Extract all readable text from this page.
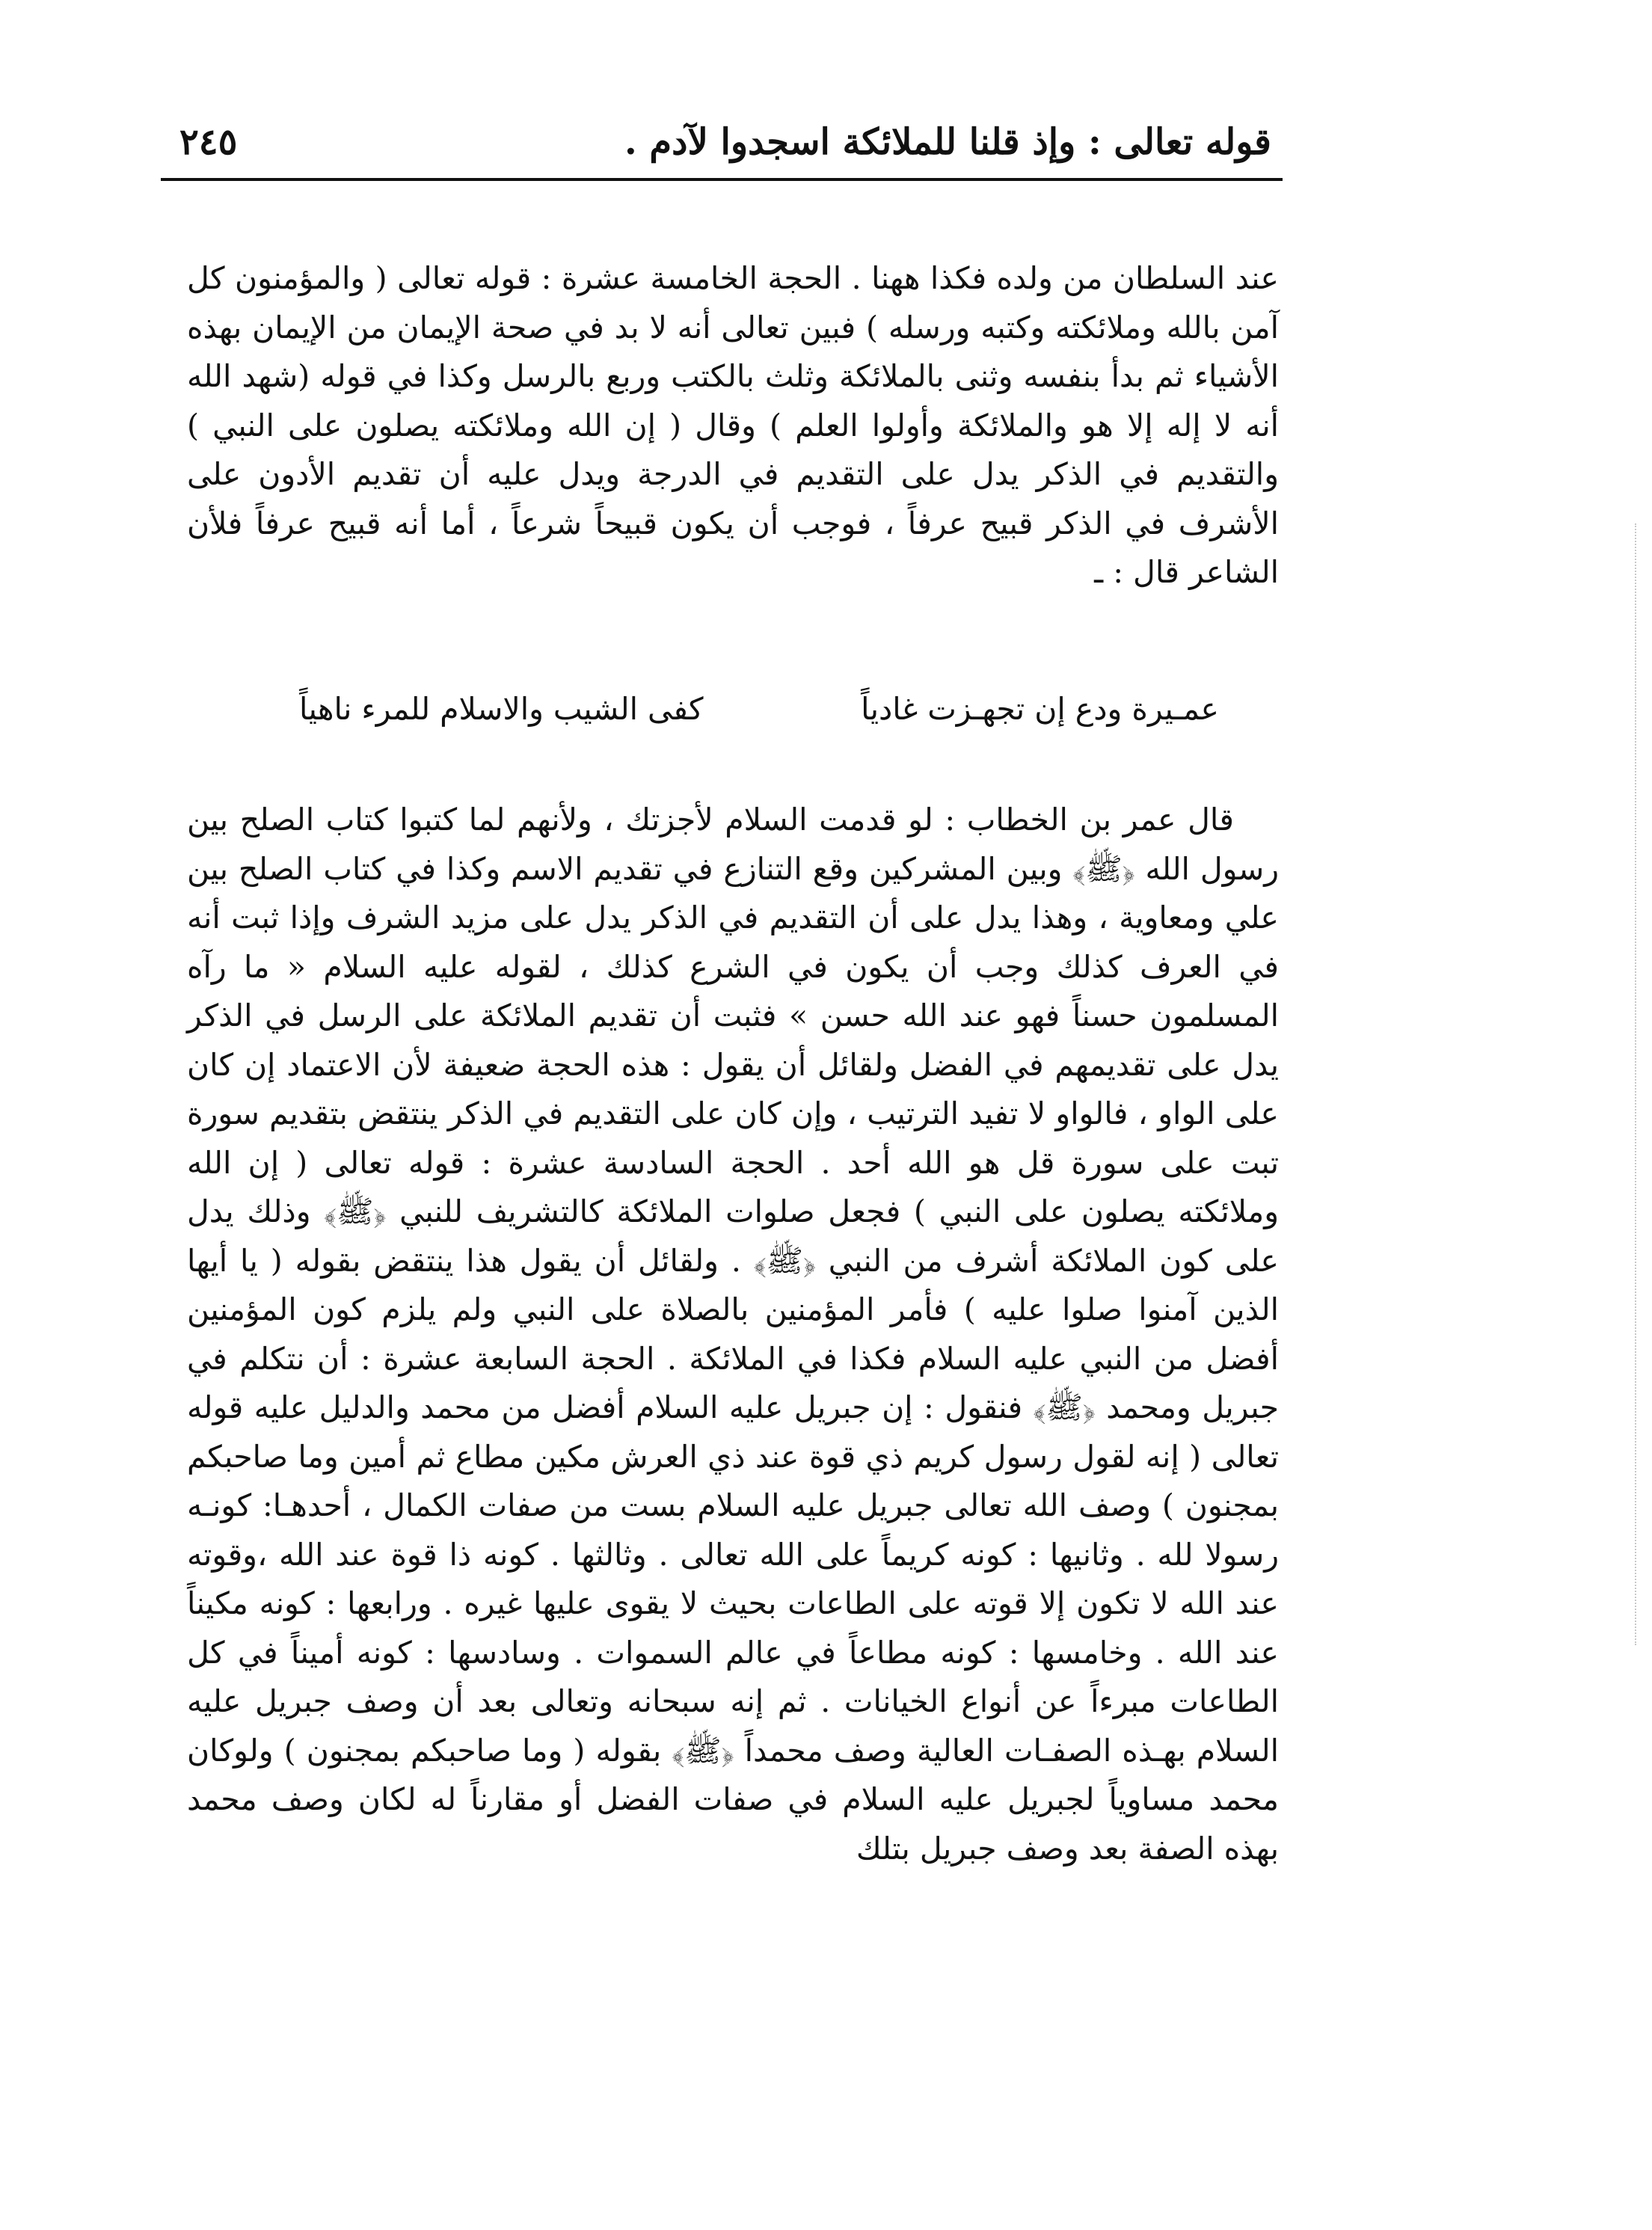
قوله تعالى : وإذ قلنا للملائكة اسجدوا لآدم .
٢٤٥

عند السلطان من ولده فكذا ههنا . الحجة الخامسة عشرة : قوله تعالى ( والمؤمنون كل آمن بالله وملائكته وكتبه ورسله ) فبين تعالى أنه لا بد في صحة الإيمان من الإيمان بهذه الأشياء ثم بدأ بنفسه وثنى بالملائكة وثلث بالكتب وربع بالرسل وكذا في قوله (شهد الله أنه لا إله إلا هو والملائكة وأولوا العلم ) وقال ( إن الله وملائكته يصلون على النبي ) والتقديم في الذكر يدل على التقديم في الدرجة ويدل عليه أن تقديم الأدون على الأشرف في الذكر قبيح عرفاً ، فوجب أن يكون قبيحاً شرعاً ، أما أنه قبيح عرفاً فلأن الشاعر قال : ـ

عمـيرة ودع إن تجهـزت غادياً
كفى الشيب والاسلام للمرء ناهياً

قال عمر بن الخطاب : لو قدمت السلام لأجزتك ، ولأنهم لما كتبوا كتاب الصلح بين رسول الله ﴿ﷺ﴾ وبين المشركين وقع التنازع في تقديم الاسم وكذا في كتاب الصلح بين علي ومعاوية ، وهذا يدل على أن التقديم في الذكر يدل على مزيد الشرف وإذا ثبت أنه في العرف كذلك وجب أن يكون في الشرع كذلك ، لقوله عليه السلام « ما رآه المسلمون حسناً فهو عند الله حسن » فثبت أن تقديم الملائكة على الرسل في الذكر يدل على تقديمهم في الفضل ولقائل أن يقول : هذه الحجة ضعيفة لأن الاعتماد إن كان على الواو ، فالواو لا تفيد الترتيب ، وإن كان على التقديم في الذكر ينتقض بتقديم سورة تبت على سورة قل هو الله أحد . الحجة السادسة عشرة : قوله تعالى ( إن الله وملائكته يصلون على النبي ) فجعل صلوات الملائكة كالتشريف للنبي ﴿ﷺ﴾ وذلك يدل على كون الملائكة أشرف من النبي ﴿ﷺ﴾ . ولقائل أن يقول هذا ينتقض بقوله ( يا أيها الذين آمنوا صلوا عليه ) فأمر المؤمنين بالصلاة على النبي ولم يلزم كون المؤمنين أفضل من النبي عليه السلام فكذا في الملائكة . الحجة السابعة عشرة : أن نتكلم في جبريل ومحمد ﴿ﷺ﴾ فنقول : إن جبريل عليه السلام أفضل من محمد والدليل عليه قوله تعالى ( إنه لقول رسول كريم ذي قوة عند ذي العرش مكين مطاع ثم أمين وما صاحبكم بمجنون ) وصف الله تعالى جبريل عليه السلام بست من صفات الكمال ، أحدهـا: كونـه رسولا لله . وثانيها : كونه كريماً على الله تعالى . وثالثها . كونه ذا قوة عند الله ،وقوته عند الله لا تكون إلا قوته على الطاعات بحيث لا يقوى عليها غيره . ورابعها : كونه مكيناً عند الله . وخامسها : كونه مطاعاً في عالم السموات . وسادسها : كونه أميناً في كل الطاعات مبرءاً عن أنواع الخيانات . ثم إنه سبحانه وتعالى بعد أن وصف جبريل عليه السلام بهـذه الصفـات العالية وصف محمداً ﴿ﷺ﴾ بقوله ( وما صاحبكم بمجنون ) ولوكان محمد مساوياً لجبريل عليه السلام في صفات الفضل أو مقارناً له لكان وصف محمد بهذه الصفة بعد وصف جبريل بتلك
